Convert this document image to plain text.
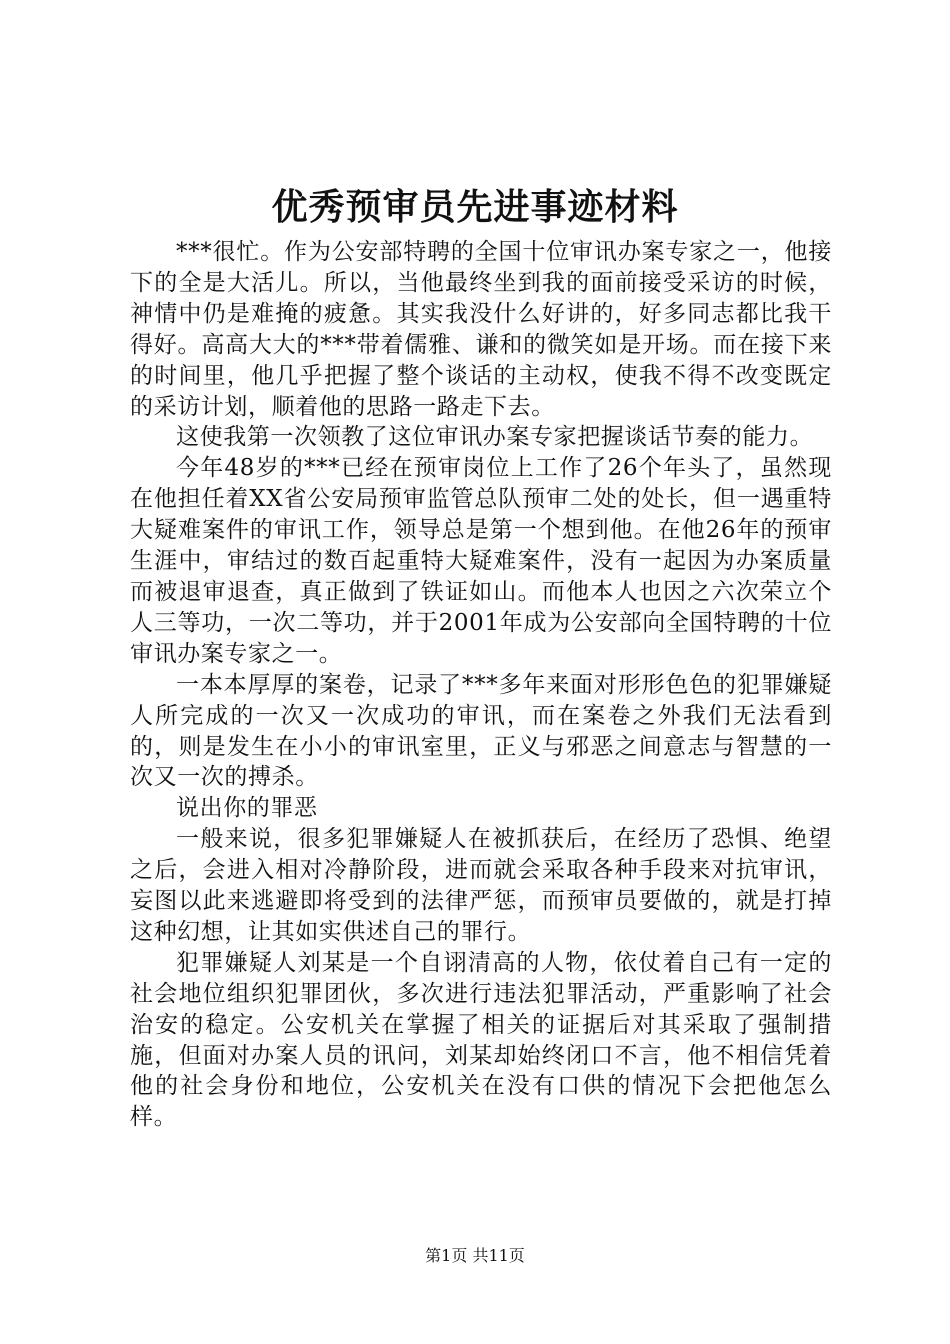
优秀预审员先进事迹材料

***很忙。作为公安部特聘的全国十位审讯办案专家之一，他接下的全是大活儿。所以，当他最终坐到我的面前接受采访的时候，神情中仍是难掩的疲惫。其实我没什么好讲的，好多同志都比我干得好。高高大大的***带着儒雅、谦和的微笑如是开场。而在接下来的时间里，他几乎把握了整个谈话的主动权，使我不得不改变既定的采访计划，顺着他的思路一路走下去。

这使我第一次领教了这位审讯办案专家把握谈话节奏的能力。

今年48岁的***已经在预审岗位上工作了26个年头了，虽然现在他担任着XX省公安局预审监管总队预审二处的处长，但一遇重特大疑难案件的审讯工作，领导总是第一个想到他。在他26年的预审生涯中，审结过的数百起重特大疑难案件，没有一起因为办案质量而被退审退查，真正做到了铁证如山。而他本人也因之六次荣立个人三等功，一次二等功，并于2001年成为公安部向全国特聘的十位审讯办案专家之一。

一本本厚厚的案卷，记录了***多年来面对形形色色的犯罪嫌疑人所完成的一次又一次成功的审讯，而在案卷之外我们无法看到的，则是发生在小小的审讯室里，正义与邪恶之间意志与智慧的一次又一次的搏杀。

说出你的罪恶

一般来说，很多犯罪嫌疑人在被抓获后，在经历了恐惧、绝望之后，会进入相对冷静阶段，进而就会采取各种手段来对抗审讯，妄图以此来逃避即将受到的法律严惩，而预审员要做的，就是打掉这种幻想，让其如实供述自己的罪行。

犯罪嫌疑人刘某是一个自诩清高的人物，依仗着自己有一定的社会地位组织犯罪团伙，多次进行违法犯罪活动，严重影响了社会治安的稳定。公安机关在掌握了相关的证据后对其采取了强制措施，但面对办案人员的讯问，刘某却始终闭口不言，他不相信凭着他的社会身份和地位，公安机关在没有口供的情况下会把他怎么样。

第1页 共11页
